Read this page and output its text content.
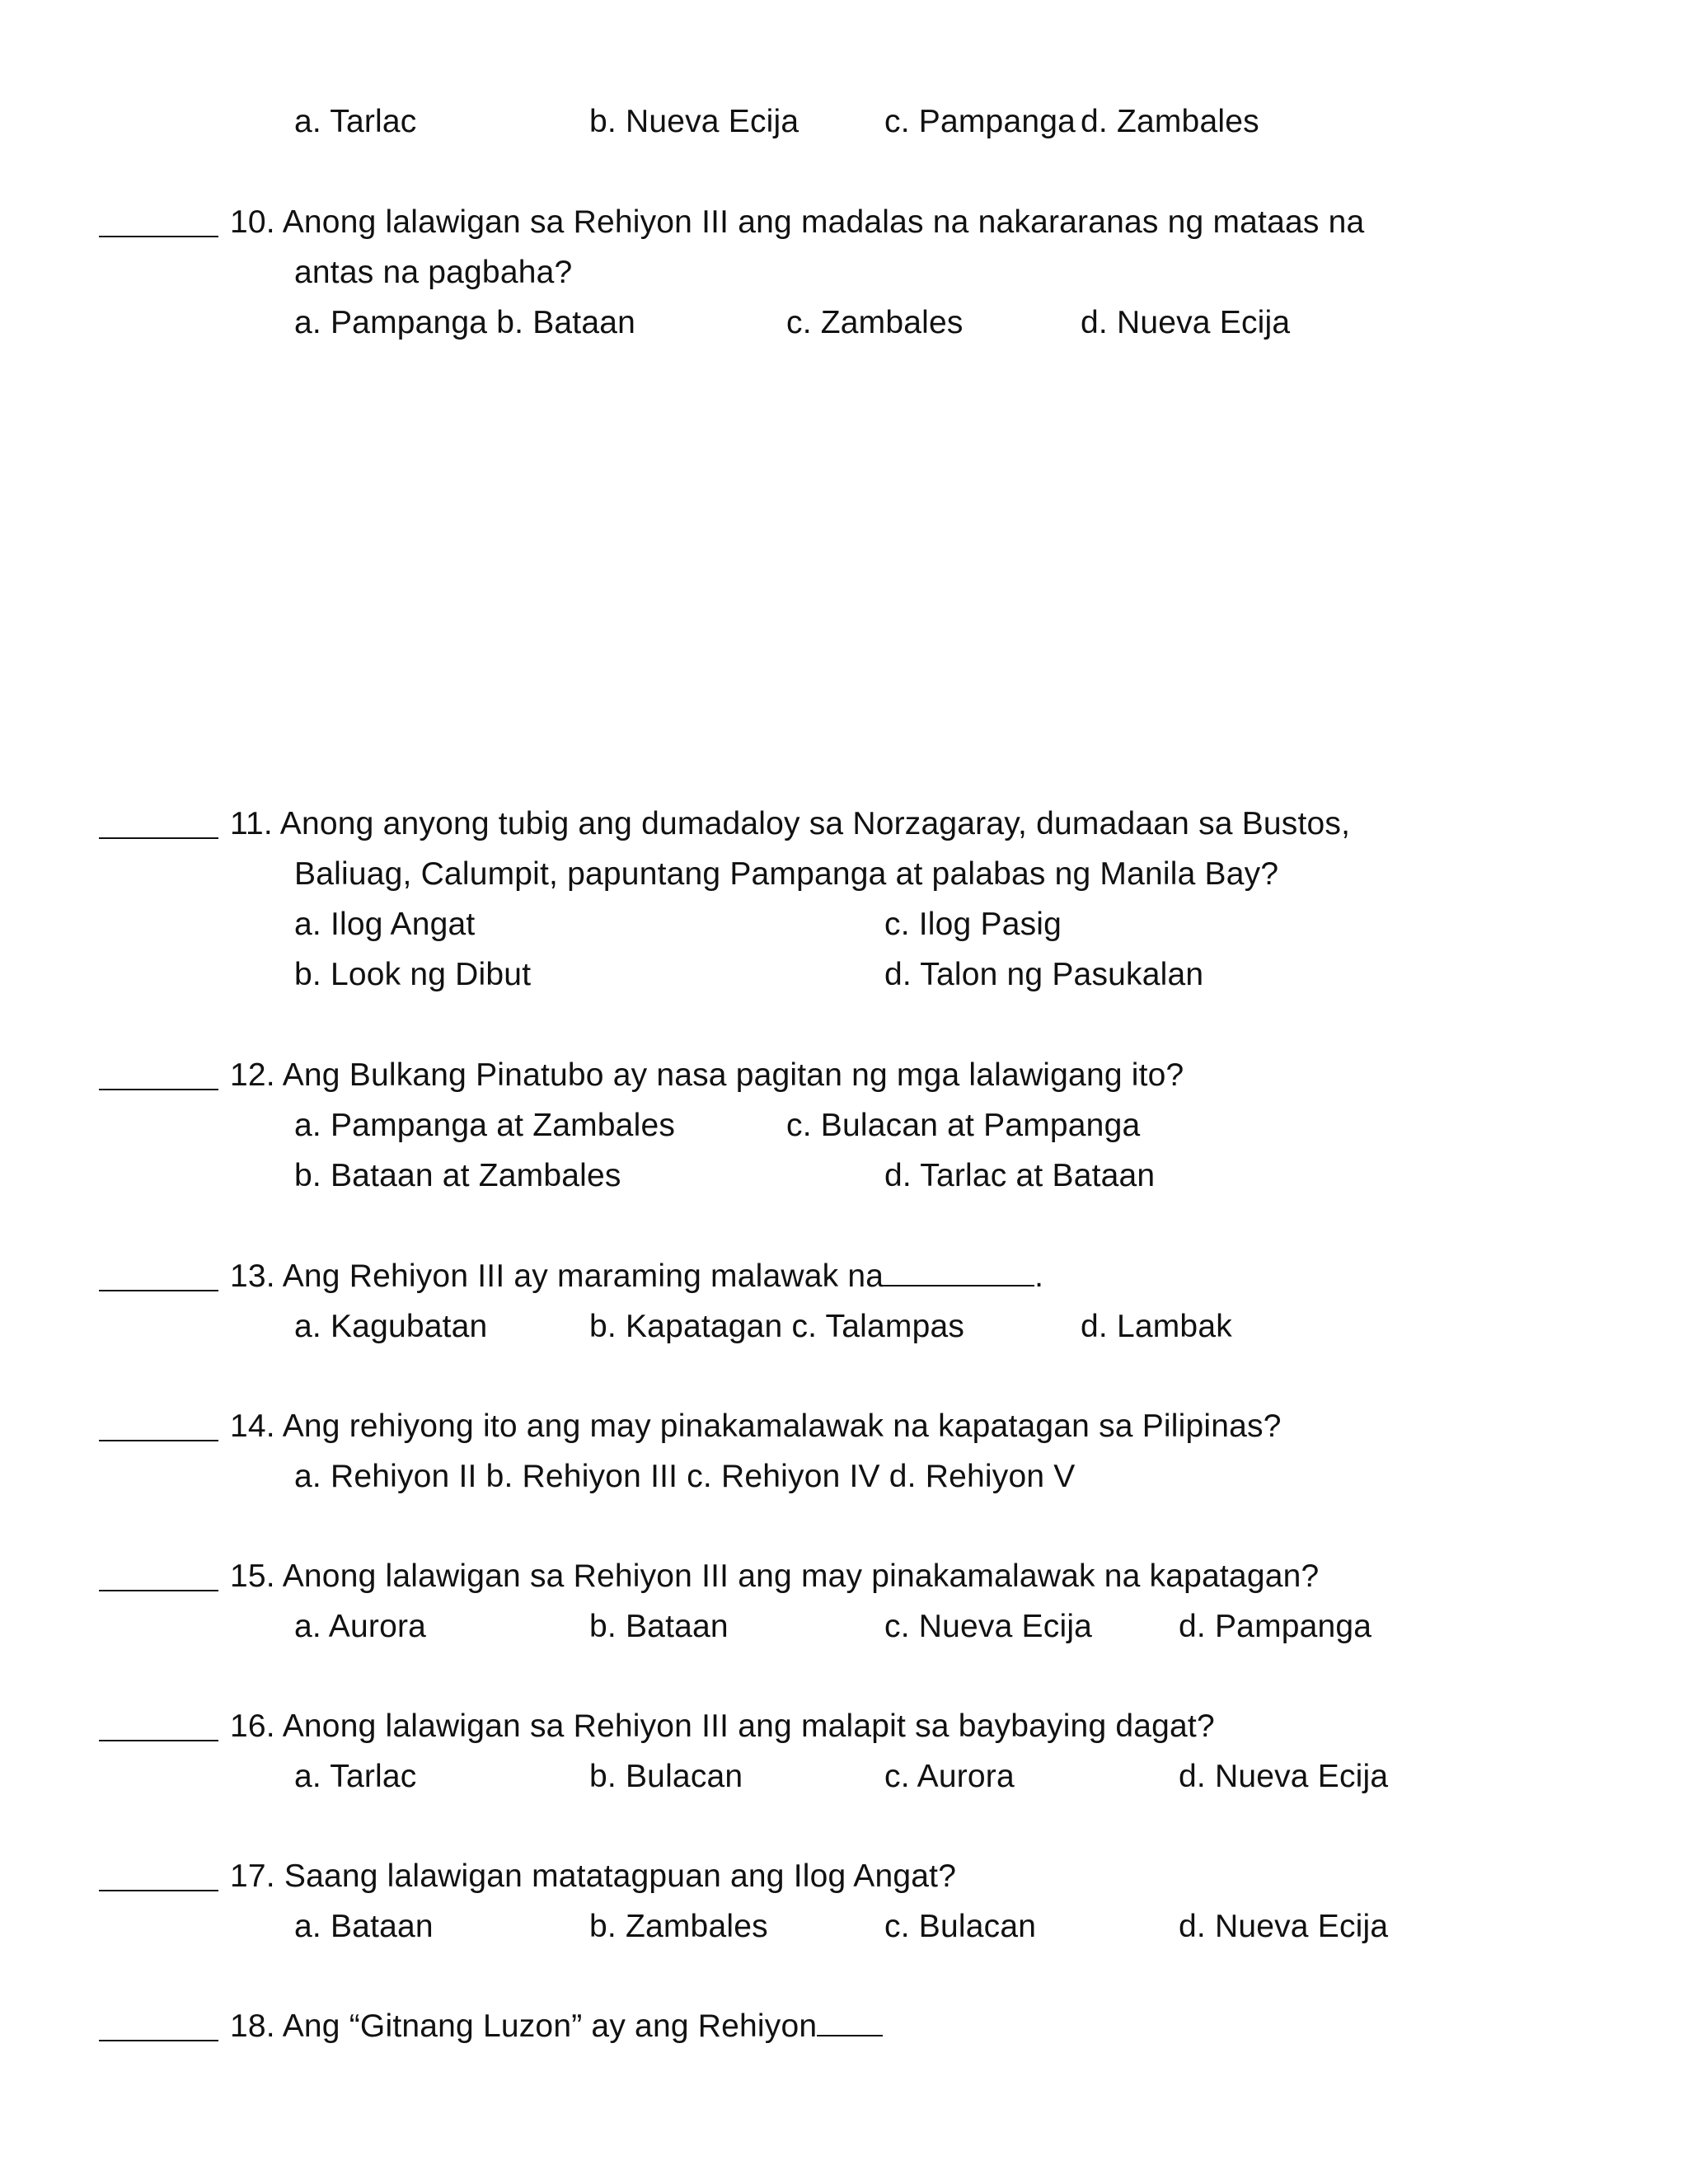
a. Tarlac	b. Nueva Ecija	c. Pampanga d. Zambales
10. Anong lalawigan sa Rehiyon III ang madalas na nakararanas ng mataas na
antas na pagbaha?
a. Pampanga b. Bataan	c. Zambales	d. Nueva Ecija
11. Anong anyong tubig ang dumadaloy sa Norzagaray, dumadaan sa Bustos,
Baliuag, Calumpit, papuntang Pampanga at palabas ng Manila Bay?
a. Ilog Angat	c. Ilog Pasig
b. Look ng Dibut	d. Talon ng Pasukalan
12. Ang Bulkang Pinatubo ay nasa pagitan ng mga lalawigang ito?
a. Pampanga at Zambales	c. Bulacan at Pampanga
b. Bataan at Zambales	d. Tarlac at Bataan
13. Ang Rehiyon III ay maraming malawak na	.
a. Kagubatan	b. Kapatagan c. Talampas	d. Lambak
14. Ang rehiyong ito ang may pinakamalawak na kapatagan sa Pilipinas?
a. Rehiyon II b. Rehiyon III c. Rehiyon IV d. Rehiyon V
15. Anong lalawigan sa Rehiyon III ang may pinakamalawak na kapatagan?
a. Aurora	b. Bataan	c. Nueva Ecija	d. Pampanga
16. Anong lalawigan sa Rehiyon III ang malapit sa baybaying dagat?
a. Tarlac	b. Bulacan	c. Aurora	d. Nueva Ecija
17. Saang lalawigan matatagpuan ang Ilog Angat?
a. Bataan	b. Zambales	c. Bulacan	d. Nueva Ecija
18. Ang “Gitnang Luzon” ay ang Rehiyon
